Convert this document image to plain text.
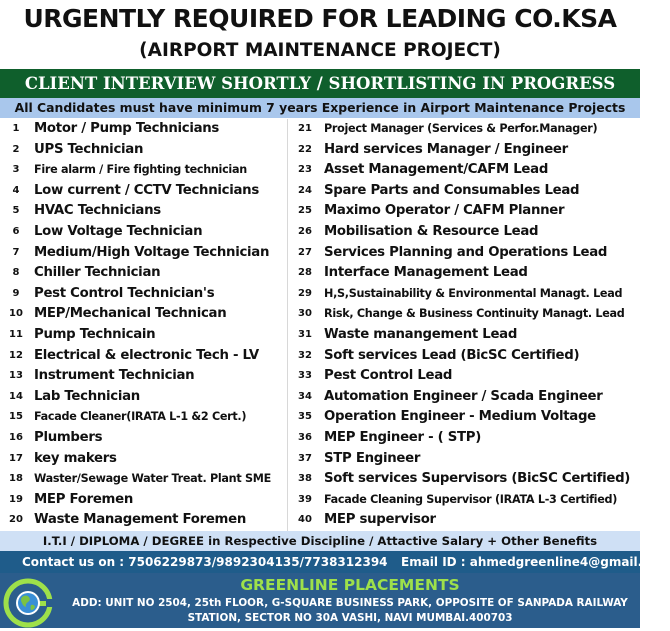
URGENTLY REQUIRED FOR LEADING CO.KSA
(AIRPORT MAINTENANCE PROJECT)
CLIENT INTERVIEW SHORTLY / SHORTLISTING IN PROGRESS
All Candidates must have minimum 7 years Experience in Airport Maintenance Projects
1	Motor / Pump Technicians
2	UPS Technician
3	Fire alarm / Fire fighting technician
4	Low current / CCTV Technicians
5	HVAC Technicians
6	Low Voltage Technician
7	Medium/High Voltage Technician
8	Chiller Technician
9	Pest Control Technician's
10 MEP/Mechanical Technican
11 Pump Technicain
12 Electrical & electronic Tech - LV
13 Instrument Technician
14 Lab Technician
15 Facade Cleaner(IRATA L-1 &2 Cert.)
16 Plumbers
17 key makers
18 Waster/Sewage Water Treat. Plant SME
19 MEP Foremen
20 Waste Management Foremen
21	Project Manager (Services & Perfor.Manager)
22 Hard services Manager / Engineer
23 Asset Management/CAFM Lead
24 Spare Parts and Consumables Lead
25 Maximo Operator / CAFM Planner
26 Mobilisation & Resource Lead
27 Services Planning and Operations Lead
28 Interface Management Lead
29	H,S,Sustainability & Environmental Managt. Lead
30	Risk, Change & Business Continuity Managt. Lead
31 Waste manangement Lead
32 Soft services Lead (BicSC Certified)
33 Pest Control Lead
34 Automation Engineer / Scada Engineer
35 Operation Engineer - Medium Voltage
36 MEP Engineer - ( STP)
37 STP Engineer
38 Soft services Supervisors (BicSC Certified)
39	Facade Cleaning Supervisor (IRATA L-3 Certified)
40 MEP supervisor
I.T.I / DIPLOMA / DEGREE in Respective Discipline / Attactive Salary + Other Benefits
Contact us on : 7506229873/9892304135/7738312394 Email ID : ahmedgreenline4@gmail.com
GREENLINE PLACEMENTS
ADD: UNIT NO 2504, 25th FLOOR, G-SQUARE BUSINESS PARK, OPPOSITE OF SANPADA RAILWAY
STATION, SECTOR NO 30A VASHI, NAVI MUMBAI.400703
